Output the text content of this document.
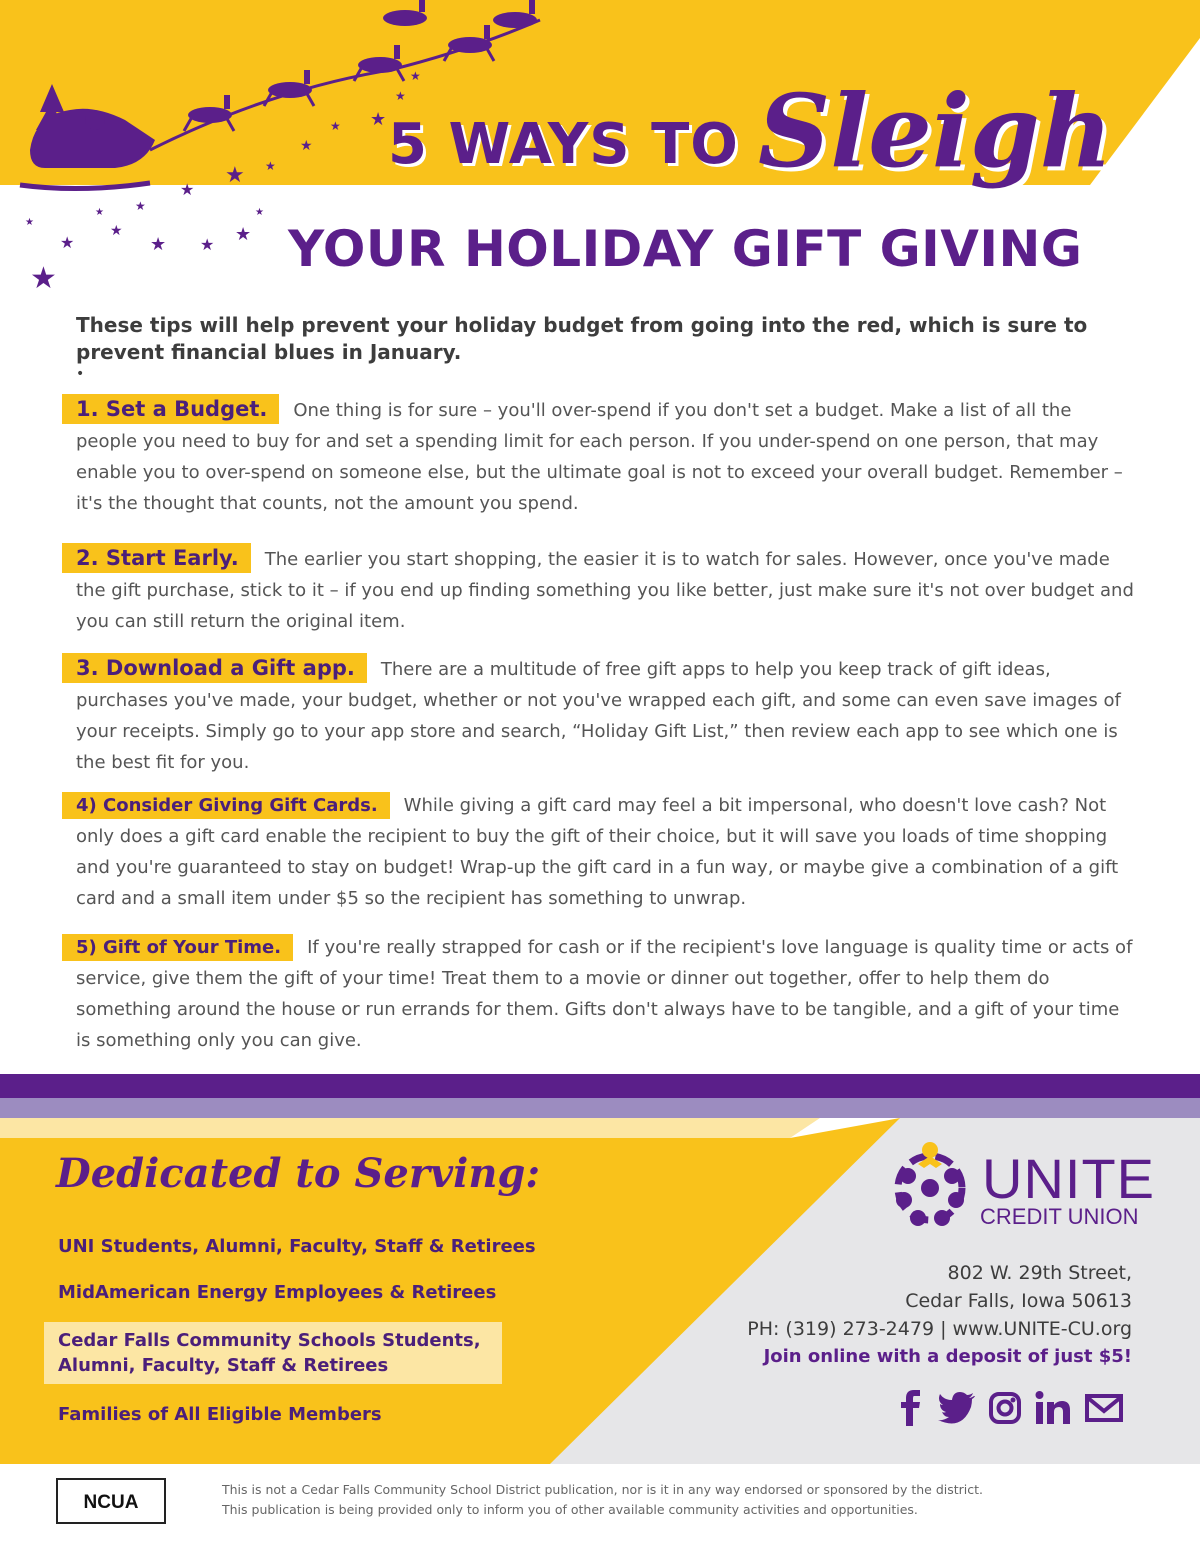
★
★
★
★ ★ ★
★
★ ★
★
★ ★
★
★
★	★
★
★
5 WAYS TO Sleigh
YOUR HOLIDAY GIFT GIVING
These tips will help prevent your holiday budget from going into the red, which is sure to prevent financial blues in January.
•
1. Set a Budget. One thing is for sure – you'll over-spend if you don't set a budget. Make a list of all the people you need to buy for and set a spending limit for each person. If you under-spend on one person, that may enable you to over-spend on someone else, but the ultimate goal is not to exceed your overall budget. Remember – it's the thought that counts, not the amount you spend.
2. Start Early. The earlier you start shopping, the easier it is to watch for sales. However, once you've made the gift purchase, stick to it – if you end up finding something you like better, just make sure it's not over budget and you can still return the original item.
3. Download a Gift app. There are a multitude of free gift apps to help you keep track of gift ideas, purchases you've made, your budget, whether or not you've wrapped each gift, and some can even save images of your receipts. Simply go to your app store and search, “Holiday Gift List,” then review each app to see which one is the best fit for you.
4) Consider Giving Gift Cards. While giving a gift card may feel a bit impersonal, who doesn't love cash? Not only does a gift card enable the recipient to buy the gift of their choice, but it will save you loads of time shopping and you're guaranteed to stay on budget! Wrap-up the gift card in a fun way, or maybe give a combination of a gift card and a small item under $5 so the recipient has something to unwrap.
5) Gift of Your Time. If you're really strapped for cash or if the recipient's love language is quality time or acts of service, give them the gift of your time! Treat them to a movie or dinner out together, offer to help them do something around the house or run errands for them. Gifts don't always have to be tangible, and a gift of your time is something only you can give.
Dedicated to Serving:
UNI Students, Alumni, Faculty, Staff & Retirees
MidAmerican Energy Employees & Retirees
Cedar Falls Community Schools Students, Alumni, Faculty, Staff & Retirees
Families of All Eligible Members
UNITE
CREDIT UNION
802 W. 29th Street,
Cedar Falls, Iowa 50613
PH: (319) 273-2479 | www.UNITE-CU.org
Join online with a deposit of just $5!
NCUA
This is not a Cedar Falls Community School District publication, nor is it in any way endorsed or sponsored by the district.
This publication is being provided only to inform you of other available community activities and opportunities.
